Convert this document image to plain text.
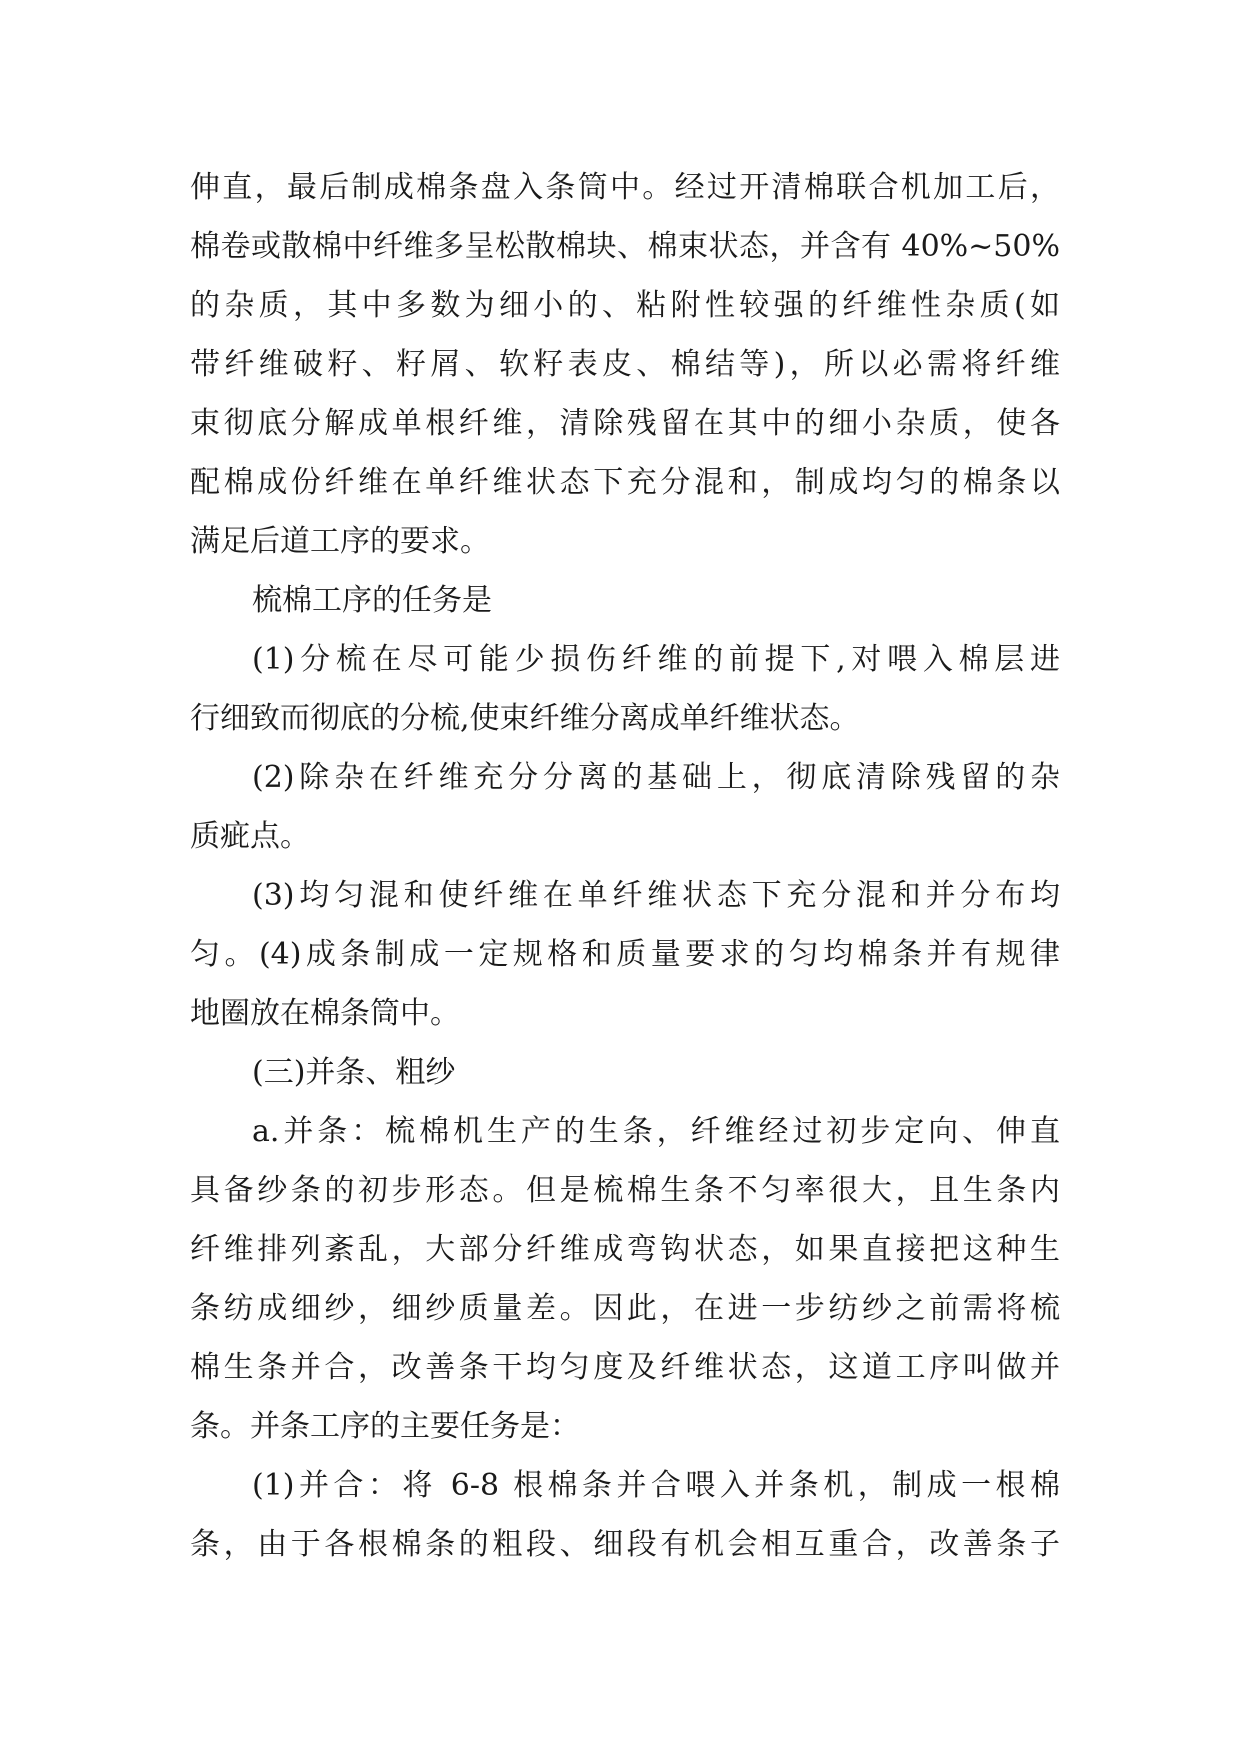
伸直，最后制成棉条盘入条筒中。经过开清棉联合机加工后，
棉卷或散棉中纤维多呈松散棉块、棉束状态，并含有 40%~50%
的杂质，其中多数为细小的、粘附性较强的纤维性杂质(如
带纤维破籽、籽屑、软籽表皮、棉结等)，所以必需将纤维
束彻底分解成单根纤维，清除残留在其中的细小杂质，使各
配棉成份纤维在单纤维状态下充分混和，制成均匀的棉条以
满足后道工序的要求。
梳棉工序的任务是
(1)分梳在尽可能少损伤纤维的前提下,对喂入棉层进
行细致而彻底的分梳,使束纤维分离成单纤维状态。
(2)除杂在纤维充分分离的基础上，彻底清除残留的杂
质疵点。
(3)均匀混和使纤维在单纤维状态下充分混和并分布均
匀。(4)成条制成一定规格和质量要求的匀均棉条并有规律
地圈放在棉条筒中。
(三)并条、粗纱
a.并条：梳棉机生产的生条，纤维经过初步定向、伸直
具备纱条的初步形态。但是梳棉生条不匀率很大，且生条内
纤维排列紊乱，大部分纤维成弯钩状态，如果直接把这种生
条纺成细纱，细纱质量差。因此，在进一步纺纱之前需将梳
棉生条并合，改善条干均匀度及纤维状态，这道工序叫做并
条。并条工序的主要任务是：
(1)并合：将 6-8 根棉条并合喂入并条机，制成一根棉
条，由于各根棉条的粗段、细段有机会相互重合，改善条子
